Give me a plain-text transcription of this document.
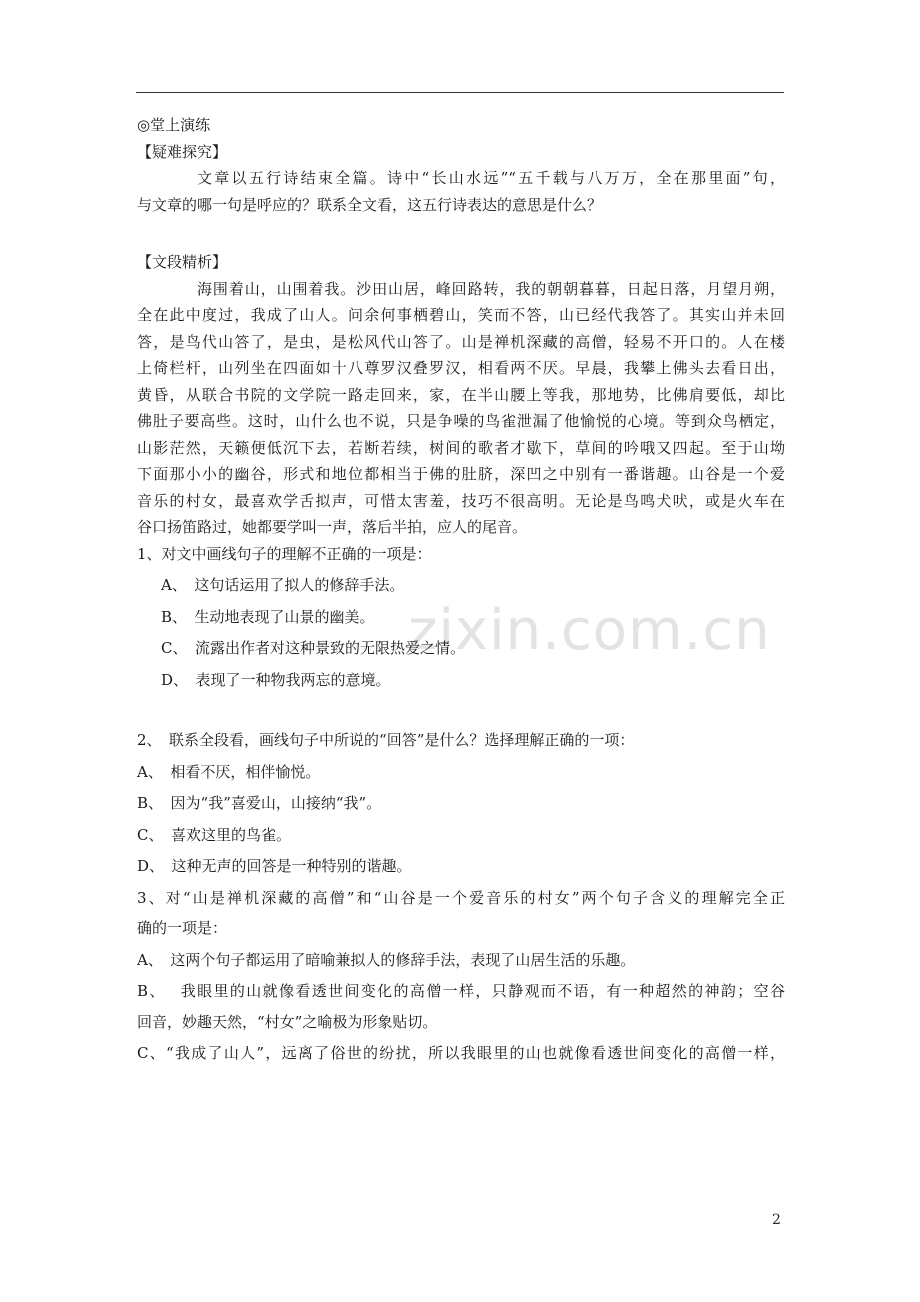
zixin.com.cn
◎堂上演练
【疑难探究】
文章以五行诗结束全篇。诗中“长山水远”“五千载与八万万，全在那里面”句，
与文章的哪一句是呼应的？联系全文看，这五行诗表达的意思是什么？
【文段精析】
海围着山，山围着我。沙田山居，峰回路转，我的朝朝暮暮，日起日落，月望月朔，
全在此中度过，我成了山人。问余何事栖碧山，笑而不答，山已经代我答了。其实山并未回
答，是鸟代山答了，是虫，是松风代山答了。山是禅机深藏的高僧，轻易不开口的。人在楼
上倚栏杆，山列坐在四面如十八尊罗汉叠罗汉，相看两不厌。早晨，我攀上佛头去看日出，
黄昏，从联合书院的文学院一路走回来，家，在半山腰上等我，那地势，比佛肩要低，却比
佛肚子要高些。这时，山什么也不说，只是争噪的鸟雀泄漏了他愉悦的心境。等到众鸟栖定，
山影茫然，天籁便低沉下去，若断若续，树间的歌者才歇下，草间的吟哦又四起。至于山坳
下面那小小的幽谷，形式和地位都相当于佛的肚脐，深凹之中别有一番谐趣。山谷是一个爱
音乐的村女，最喜欢学舌拟声，可惜太害羞，技巧不很高明。无论是鸟鸣犬吠，或是火车在
谷口扬笛路过，她都要学叫一声，落后半拍，应人的尾音。
1、对文中画线句子的理解不正确的一项是：
A、　这句话运用了拟人的修辞手法。
B、　生动地表现了山景的幽美。
C、　流露出作者对这种景致的无限热爱之情。
D、　表现了一种物我两忘的意境。
2、　联系全段看，画线句子中所说的“回答”是什么？选择理解正确的一项：
A、　相看不厌，相伴愉悦。
B、　因为“我”喜爱山，山接纳“我”。
C、　喜欢这里的鸟雀。
D、　这种无声的回答是一种特别的谐趣。
3、对“山是禅机深藏的高僧”和“山谷是一个爱音乐的村女”两个句子含义的理解完全正
确的一项是：
A、　这两个句子都运用了暗喻兼拟人的修辞手法，表现了山居生活的乐趣。
B、　 我眼里的山就像看透世间变化的高僧一样，只静观而不语，有一种超然的神韵；空谷
回音，妙趣天然，“村女”之喻极为形象贴切。
C、“我成了山人”，远离了俗世的纷扰，所以我眼里的山也就像看透世间变化的高僧一样，
2
